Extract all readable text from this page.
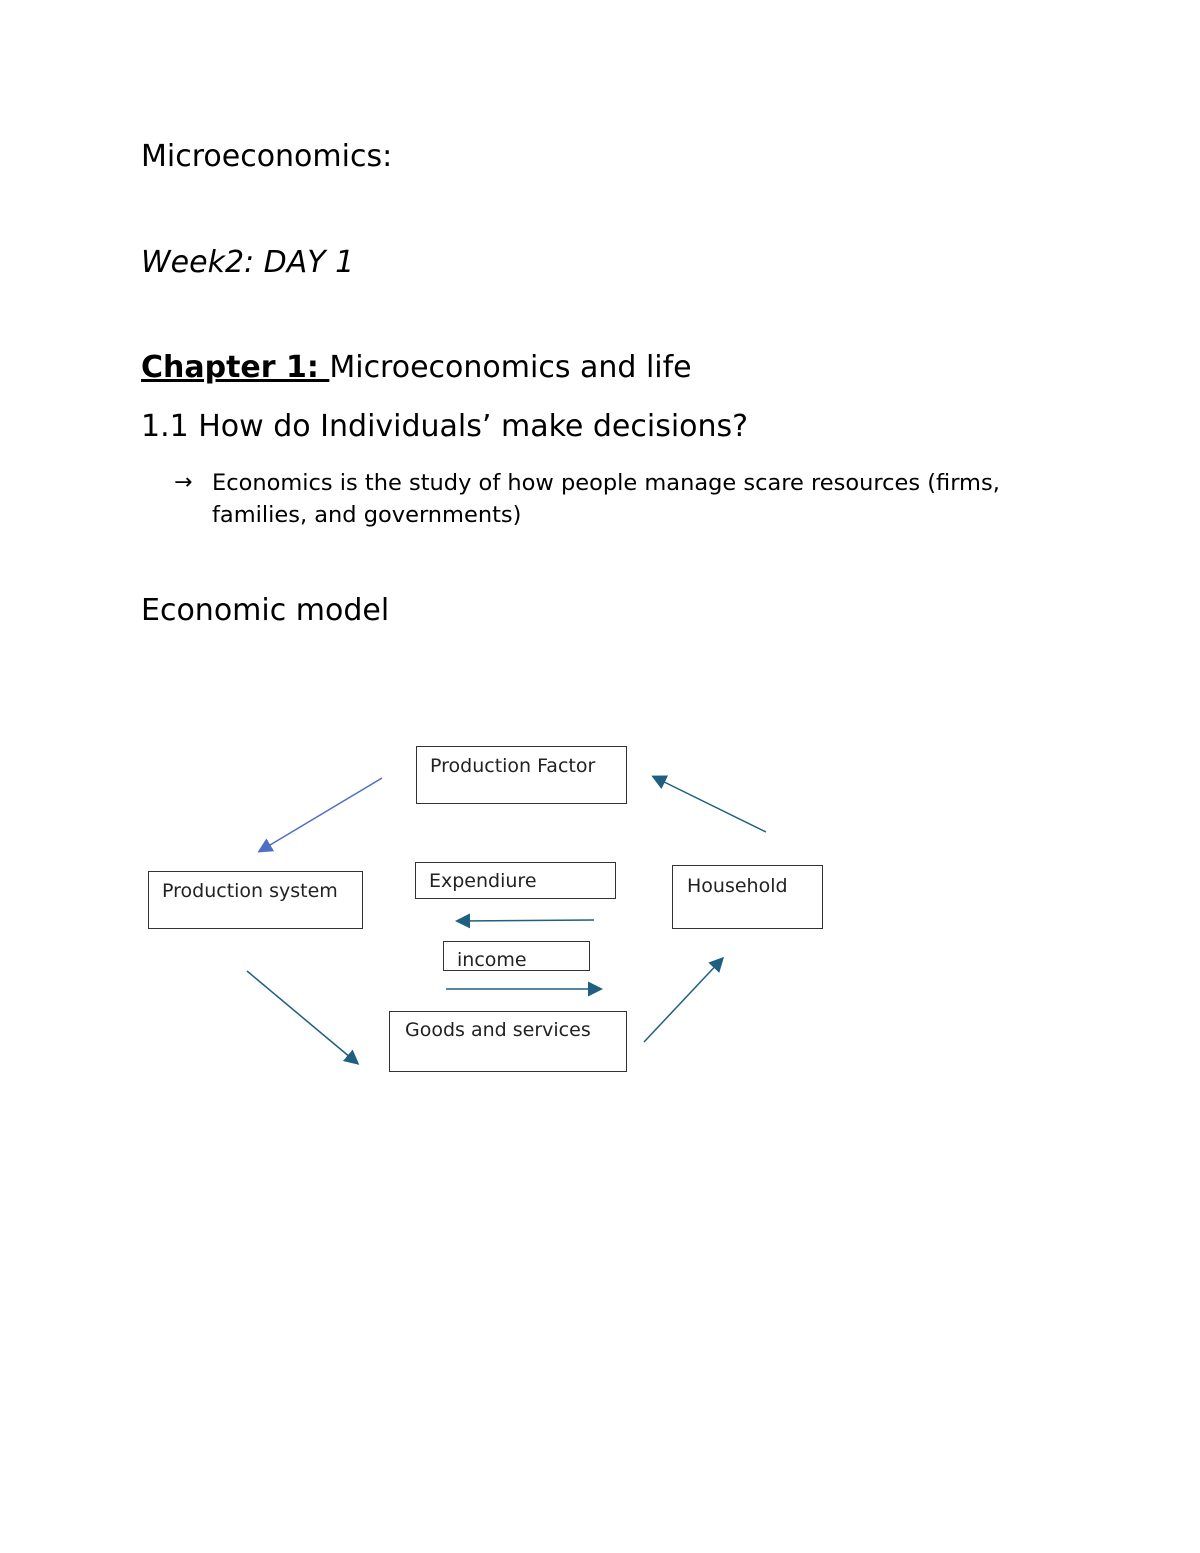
Microeconomics:
Week2: DAY 1
Chapter 1: Microeconomics and life
1.1 How do Individuals’ make decisions?
→ Economics is the study of how people manage scare resources (firms, families, and governments)
Economic model
Production Factor
Production system	Expendiure	Household
income
Goods and services
